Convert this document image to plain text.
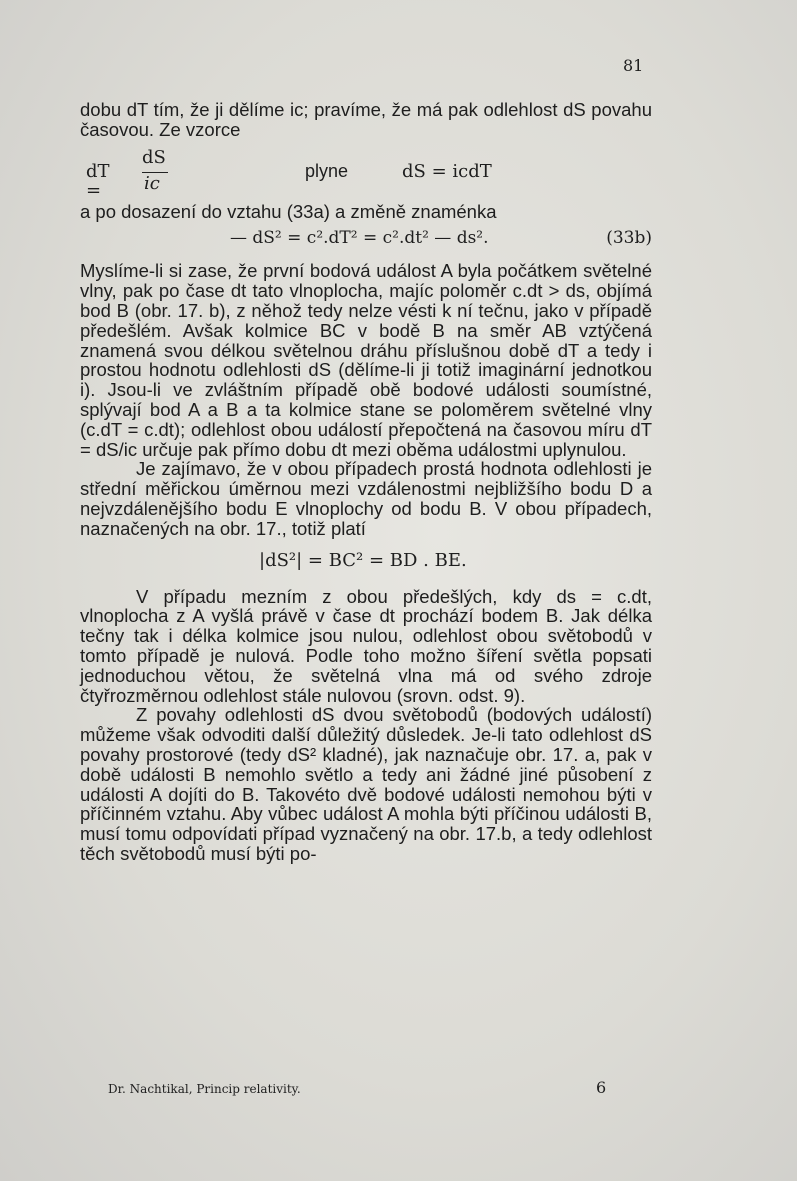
81

dobu dT tím, že ji dělíme ic; pravíme, že má pak odlehlost dS povahu časovou. Ze vzorce

dT =
dS
ic
plyne	dS = icdT

a po dosazení do vztahu (33a) a změně znaménka

— dS² = c².dT² = c².dt² — ds².	(33b)

Myslíme-li si zase, že první bodová událost A byla počátkem světelné vlny, pak po čase dt tato vlnoplocha, majíc poloměr c.dt > ds, objímá bod B (obr. 17. b), z něhož tedy nelze vésti k ní tečnu, jako v případě předešlém. Avšak kolmice BC v bodě B na směr AB vztýčená znamená svou délkou světelnou dráhu příslušnou době dT a tedy i prostou hodnotu odlehlosti dS (dělíme-li ji totiž imaginární jednotkou i). Jsou-li ve zvláštním případě obě bodové události soumístné, splývají bod A a B a ta kolmice stane se poloměrem světelné vlny (c.dT = c.dt); odlehlost obou událostí přepočtená na časovou míru dT = dS/ic určuje pak přímo dobu dt mezi oběma událostmi uplynulou.

Je zajímavo, že v obou případech prostá hodnota odlehlosti je střední měřickou úměrnou mezi vzdálenostmi nejbližšího bodu D a nejvzdálenějšího bodu E vlnoplochy od bodu B. V obou případech, naznačených na obr. 17., totiž platí

|dS²| = BC² = BD . BE.

V případu mezním z obou předešlých, kdy ds = c.dt, vlnoplocha z A vyšlá právě v čase dt prochází bodem B. Jak délka tečny tak i délka kolmice jsou nulou, odlehlost obou světobodů v tomto případě je nulová. Podle toho možno šíření světla popsati jednoduchou větou, že světelná vlna má od svého zdroje čtyřrozměrnou odlehlost stále nulovou (srovn. odst. 9).

Z povahy odlehlosti dS dvou světobodů (bodových událostí) můžeme však odvoditi další důležitý důsledek. Je-li tato odlehlost dS povahy prostorové (tedy dS² kladné), jak naznačuje obr. 17. a, pak v době události B nemohlo světlo a tedy ani žádné jiné působení z události A dojíti do B. Takovéto dvě bodové události nemohou býti v příčinném vztahu. Aby vůbec událost A mohla býti příčinou události B, musí tomu odpovídati případ vyznačený na obr. 17.b, a tedy odlehlost těch světobodů musí býti po-

Dr. Nachtikal, Princip relativity.	6
